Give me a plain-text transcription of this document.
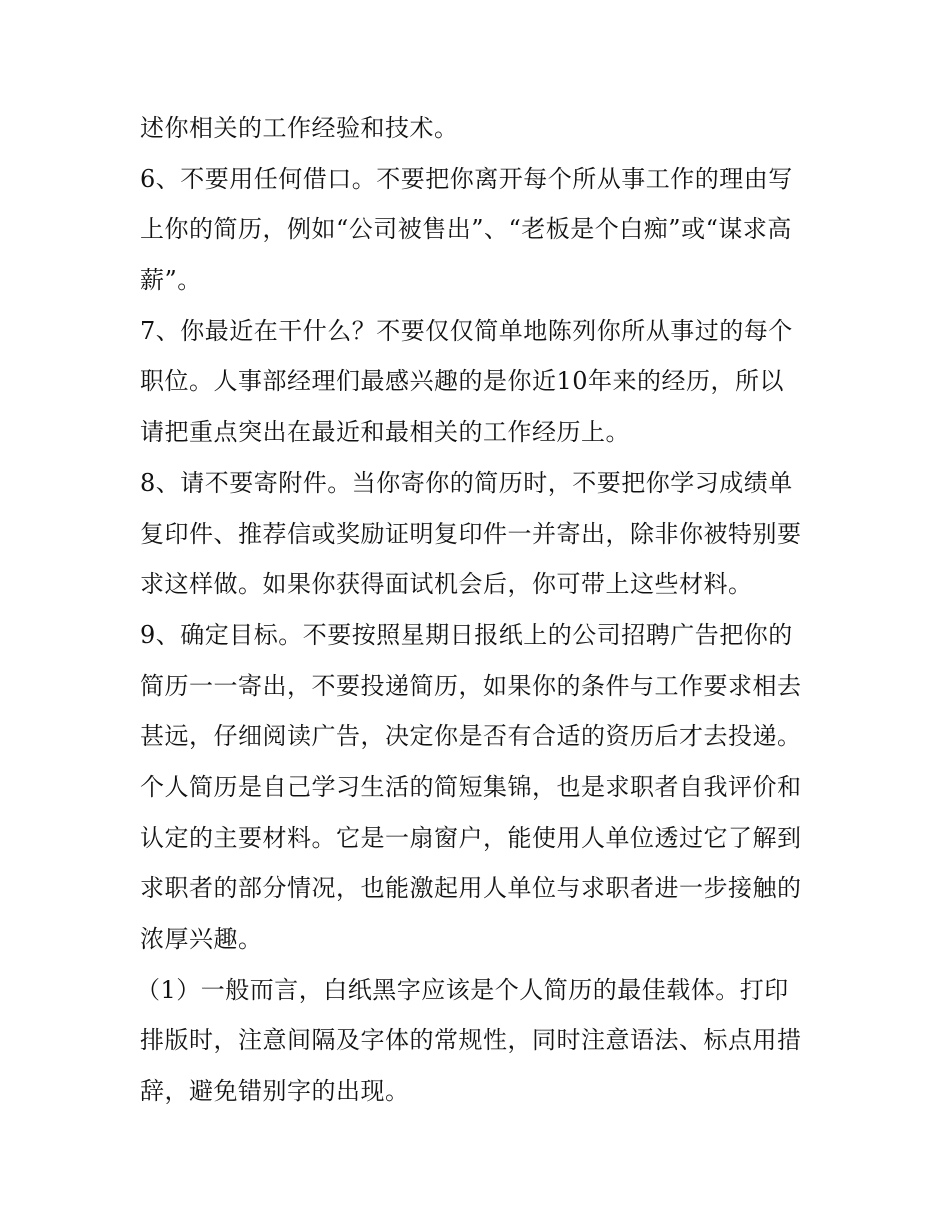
述你相关的工作经验和技术。
6、不要用任何借口。不要把你离开每个所从事工作的理由写
上你的简历，例如“公司被售出”、“老板是个白痴”或“谋求高
薪”。
7、你最近在干什么？不要仅仅简单地陈列你所从事过的每个
职位。人事部经理们最感兴趣的是你近10年来的经历，所以
请把重点突出在最近和最相关的工作经历上。
8、请不要寄附件。当你寄你的简历时，不要把你学习成绩单
复印件、推荐信或奖励证明复印件一并寄出，除非你被特别要
求这样做。如果你获得面试机会后，你可带上这些材料。
9、确定目标。不要按照星期日报纸上的公司招聘广告把你的
简历一一寄出，不要投递简历，如果你的条件与工作要求相去
甚远，仔细阅读广告，决定你是否有合适的资历后才去投递。
个人简历是自己学习生活的简短集锦，也是求职者自我评价和
认定的主要材料。它是一扇窗户，能使用人单位透过它了解到
求职者的部分情况，也能激起用人单位与求职者进一步接触的
浓厚兴趣。
（1）一般而言，白纸黑字应该是个人简历的最佳载体。打印
排版时，注意间隔及字体的常规性，同时注意语法、标点用措
辞，避免错别字的出现。
